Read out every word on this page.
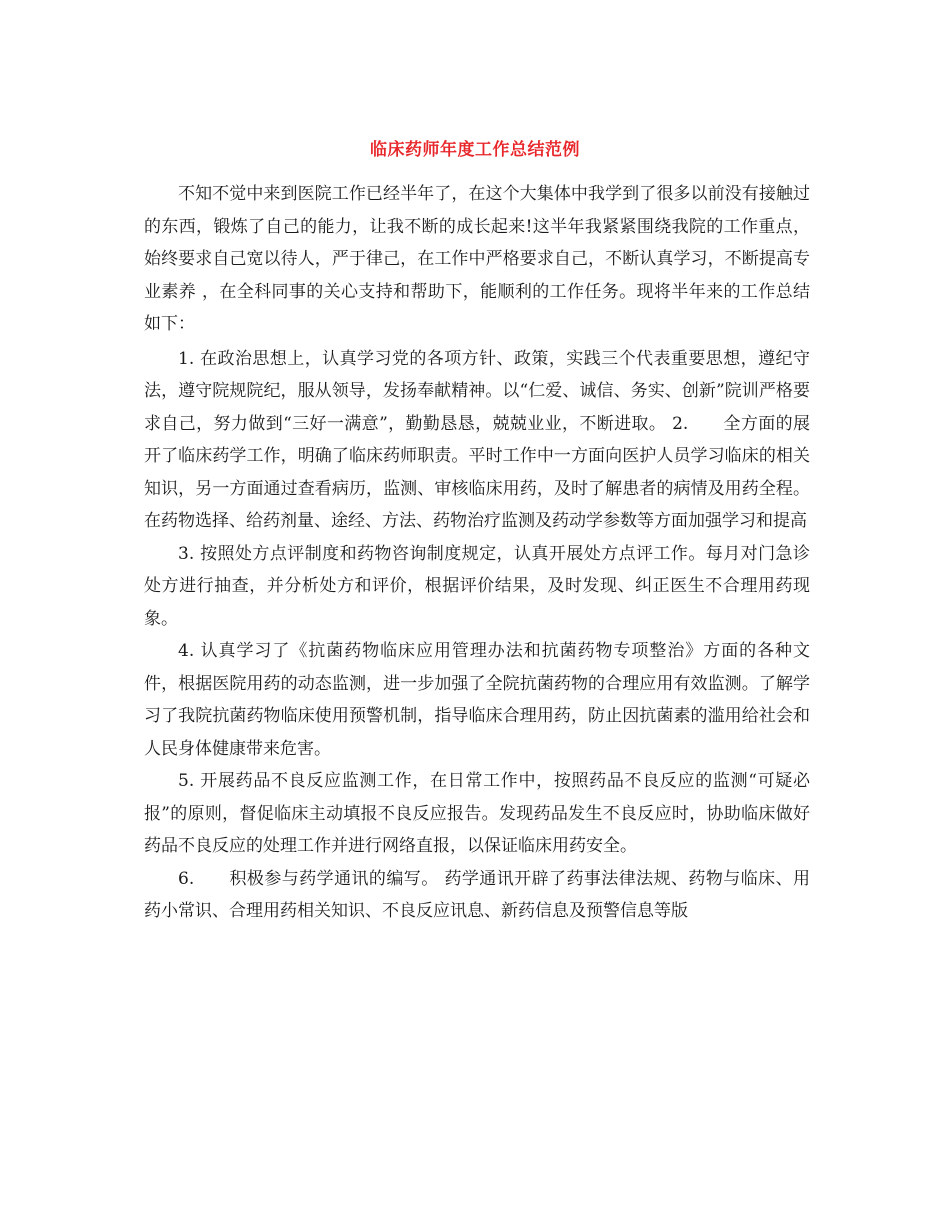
临床药师年度工作总结范例

不知不觉中来到医院工作已经半年了，在这个大集体中我学到了很多以前没有接触过的东西，锻炼了自己的能力，让我不断的成长起来!这半年我紧紧围绕我院的工作重点，始终要求自己宽以待人，严于律己，在工作中严格要求自己，不断认真学习，不断提高专业素养 ，在全科同事的关心支持和帮助下，能顺利的工作任务。现将半年来的工作总结如下：

1. 在政治思想上，认真学习党的各项方针、政策，实践三个代表重要思想，遵纪守法，遵守院规院纪，服从领导，发扬奉献精神。以“仁爱、诚信、务实、创新”院训严格要求自己，努力做到“三好一满意”，勤勤恳恳，兢兢业业，不断进取。 2.　　全方面的展开了临床药学工作，明确了临床药师职责。平时工作中一方面向医护人员学习临床的相关知识，另一方面通过查看病历，监测、审核临床用药，及时了解患者的病情及用药全程。在药物选择、给药剂量、途经、方法、药物治疗监测及药动学参数等方面加强学习和提高

3. 按照处方点评制度和药物咨询制度规定，认真开展处方点评工作。每月对门急诊处方进行抽查，并分析处方和评价，根据评价结果，及时发现、纠正医生不合理用药现象。

4. 认真学习了《抗菌药物临床应用管理办法和抗菌药物专项整治》方面的各种文件，根据医院用药的动态监测，进一步加强了全院抗菌药物的合理应用有效监测。了解学习了我院抗菌药物临床使用预警机制，指导临床合理用药，防止因抗菌素的滥用给社会和人民身体健康带来危害。

5. 开展药品不良反应监测工作，在日常工作中，按照药品不良反应的监测“可疑必报”的原则，督促临床主动填报不良反应报告。发现药品发生不良反应时，协助临床做好药品不良反应的处理工作并进行网络直报，以保证临床用药安全。

6.　　积极参与药学通讯的编写。 药学通讯开辟了药事法律法规、药物与临床、用药小常识、合理用药相关知识、不良反应讯息、新药信息及预警信息等版
